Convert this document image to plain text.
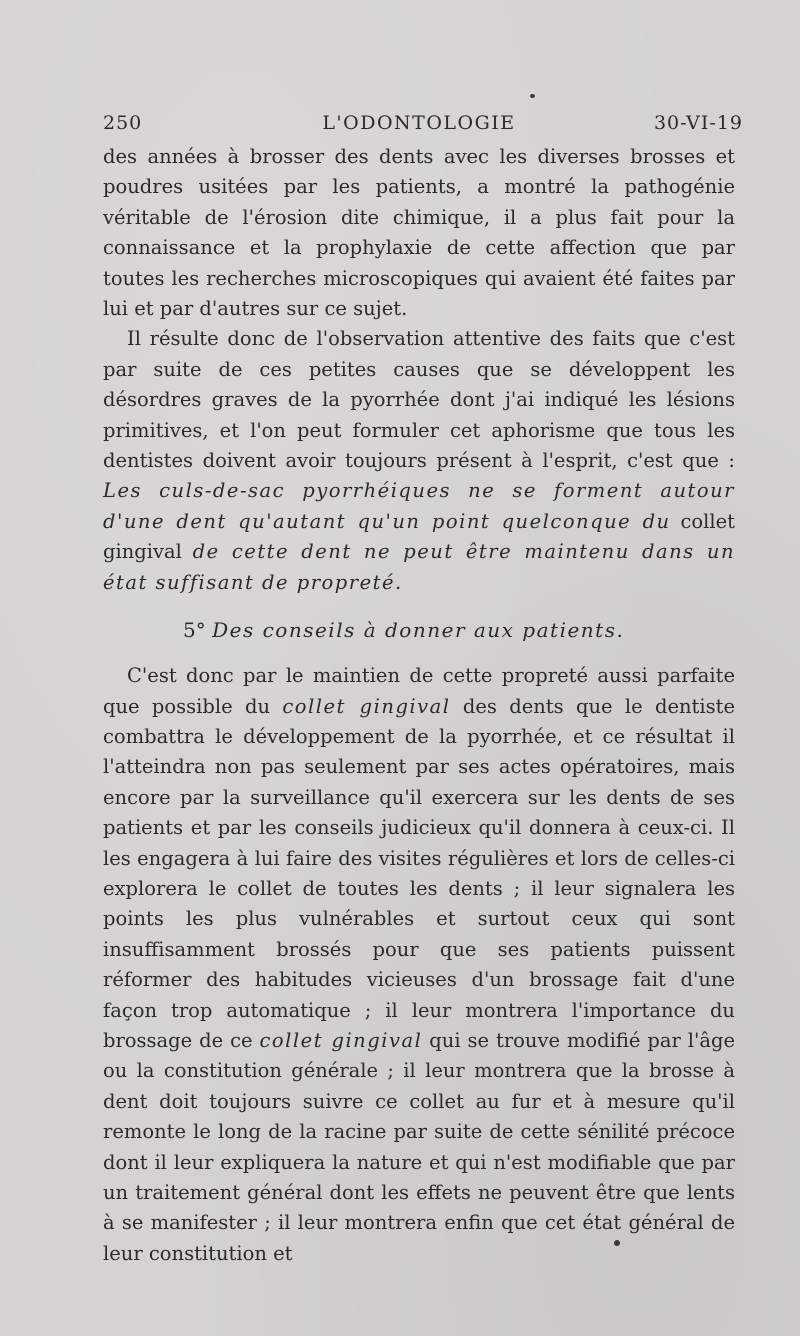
250	L'ODONTOLOGIE	30-VI-19

des années à brosser des dents avec les diverses brosses et poudres usitées par les patients, a montré la pathogénie véritable de l'érosion dite chimique, il a plus fait pour la connaissance et la prophylaxie de cette affection que par toutes les recherches microscopiques qui avaient été faites par lui et par d'autres sur ce sujet.

Il résulte donc de l'observation attentive des faits que c'est par suite de ces petites causes que se développent les désordres graves de la pyorrhée dont j'ai indiqué les lésions primitives, et l'on peut formuler cet aphorisme que tous les dentistes doivent avoir toujours présent à l'esprit, c'est que : Les culs-de-sac pyorrhéiques ne se forment autour d'une dent qu'autant qu'un point quelconque du collet gingival de cette dent ne peut être maintenu dans un état suffisant de propreté.

5° Des conseils à donner aux patients.

C'est donc par le maintien de cette propreté aussi parfaite que possible du collet gingival des dents que le dentiste combattra le développement de la pyorrhée, et ce résultat il l'atteindra non pas seulement par ses actes opératoires, mais encore par la surveillance qu'il exercera sur les dents de ses patients et par les conseils judicieux qu'il donnera à ceux-ci. Il les engagera à lui faire des visites régulières et lors de celles-ci explorera le collet de toutes les dents ; il leur signalera les points les plus vulnérables et surtout ceux qui sont insuffisamment brossés pour que ses patients puissent réformer des habitudes vicieuses d'un brossage fait d'une façon trop automatique ; il leur montrera l'importance du brossage de ce collet gingival qui se trouve modifié par l'âge ou la constitution générale ; il leur montrera que la brosse à dent doit toujours suivre ce collet au fur et à mesure qu'il remonte le long de la racine par suite de cette sénilité précoce dont il leur expliquera la nature et qui n'est modifiable que par un traitement général dont les effets ne peuvent être que lents à se manifester ; il leur montrera enfin que cet état général de leur constitution et
